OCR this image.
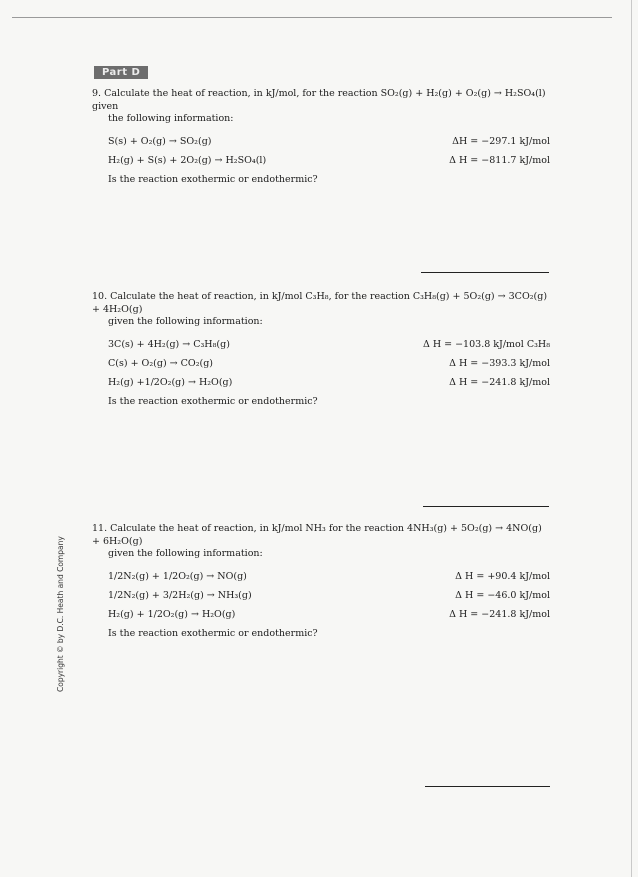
Part D
9. Calculate the heat of reaction, in kJ/mol, for the reaction SO₂(g) + H₂(g) + O₂(g) → H₂SO₄(l) given
the following information:
S(s) + O₂(g) → SO₂(g)	ΔH = −297.1 kJ/mol
H₂(g) + S(s) + 2O₂(g) → H₂SO₄(l)	Δ H = −811.7 kJ/mol
Is the reaction exothermic or endothermic?
10. Calculate the heat of reaction, in kJ/mol C₃H₈, for the reaction C₃H₈(g) + 5O₂(g) → 3CO₂(g) + 4H₂O(g)
given the following information:
3C(s) + 4H₂(g) → C₃H₈(g)	Δ H = −103.8 kJ/mol C₃H₈
C(s) + O₂(g) → CO₂(g)	Δ H = −393.3 kJ/mol
H₂(g) +1/2O₂(g) → H₂O(g)	Δ H = −241.8 kJ/mol
Is the reaction exothermic or endothermic?
11. Calculate the heat of reaction, in kJ/mol NH₃ for the reaction 4NH₃(g) + 5O₂(g) → 4NO(g) + 6H₂O(g)
given the following information:
1/2N₂(g) + 1/2O₂(g) → NO(g)	Δ H = +90.4 kJ/mol
1/2N₂(g) + 3/2H₂(g) → NH₃(g)	Δ H = −46.0 kJ/mol
H₂(g) + 1/2O₂(g) → H₂O(g)	Δ H = −241.8 kJ/mol
Is the reaction exothermic or endothermic?
Copyright © by D.C. Heath and Company
